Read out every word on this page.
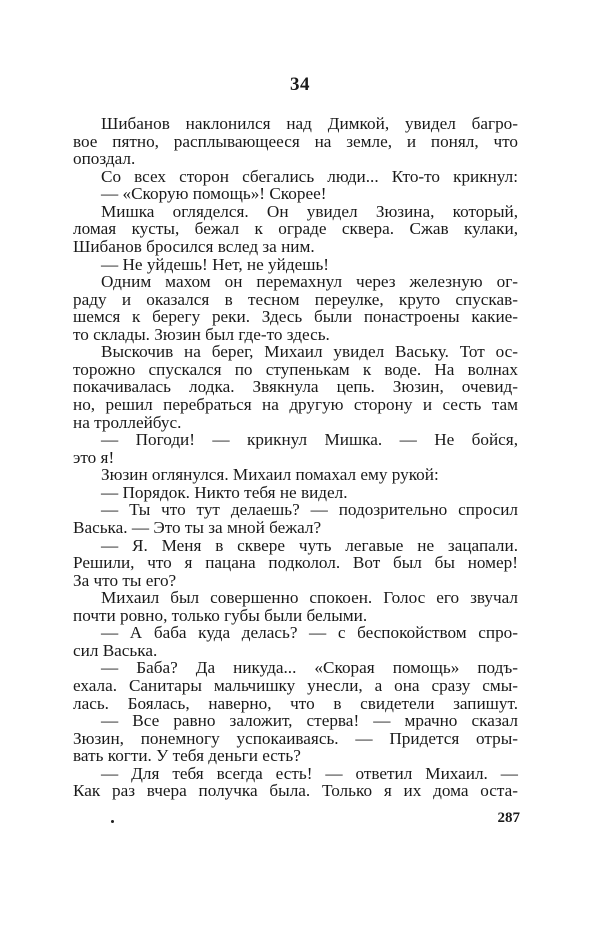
34
Шибанов наклонился над Димкой, увидел багро-
вое пятно, расплывающееся на земле, и понял, что
опоздал.
Со всех сторон сбегались люди... Кто-то крикнул:
— «Скорую помощь»! Скорее!
Мишка огляделся. Он увидел Зюзина, который,
ломая кусты, бежал к ограде сквера. Сжав кулаки,
Шибанов бросился вслед за ним.
— Не уйдешь! Нет, не уйдешь!
Одним махом он перемахнул через железную ог-
раду и оказался в тесном переулке, круто спускав-
шемся к берегу реки. Здесь были понастроены какие-
то склады. Зюзин был где-то здесь.
Выскочив на берег, Михаил увидел Ваську. Тот ос-
торожно спускался по ступенькам к воде. На волнах
покачивалась лодка. Звякнула цепь. Зюзин, очевид-
но, решил перебраться на другую сторону и сесть там
на троллейбус.
— Погоди! — крикнул Мишка. — Не бойся,
это я!
Зюзин оглянулся. Михаил помахал ему рукой:
— Порядок. Никто тебя не видел.
— Ты что тут делаешь? — подозрительно спросил
Васька. — Это ты за мной бежал?
— Я. Меня в сквере чуть легавые не зацапали.
Решили, что я пацана подколол. Вот был бы номер!
За что ты его?
Михаил был совершенно спокоен. Голос его звучал
почти ровно, только губы были белыми.
— А баба куда делась? — с беспокойством спро-
сил Васька.
— Баба? Да никуда... «Скорая помощь» подъ-
ехала. Санитары мальчишку унесли, а она сразу смы-
лась. Боялась, наверно, что в свидетели запишут.
— Все равно заложит, стерва! — мрачно сказал
Зюзин, понемногу успокаиваясь. — Придется отры-
вать когти. У тебя деньги есть?
— Для тебя всегда есть! — ответил Михаил. —
Как раз вчера получка была. Только я их дома оста-
287
